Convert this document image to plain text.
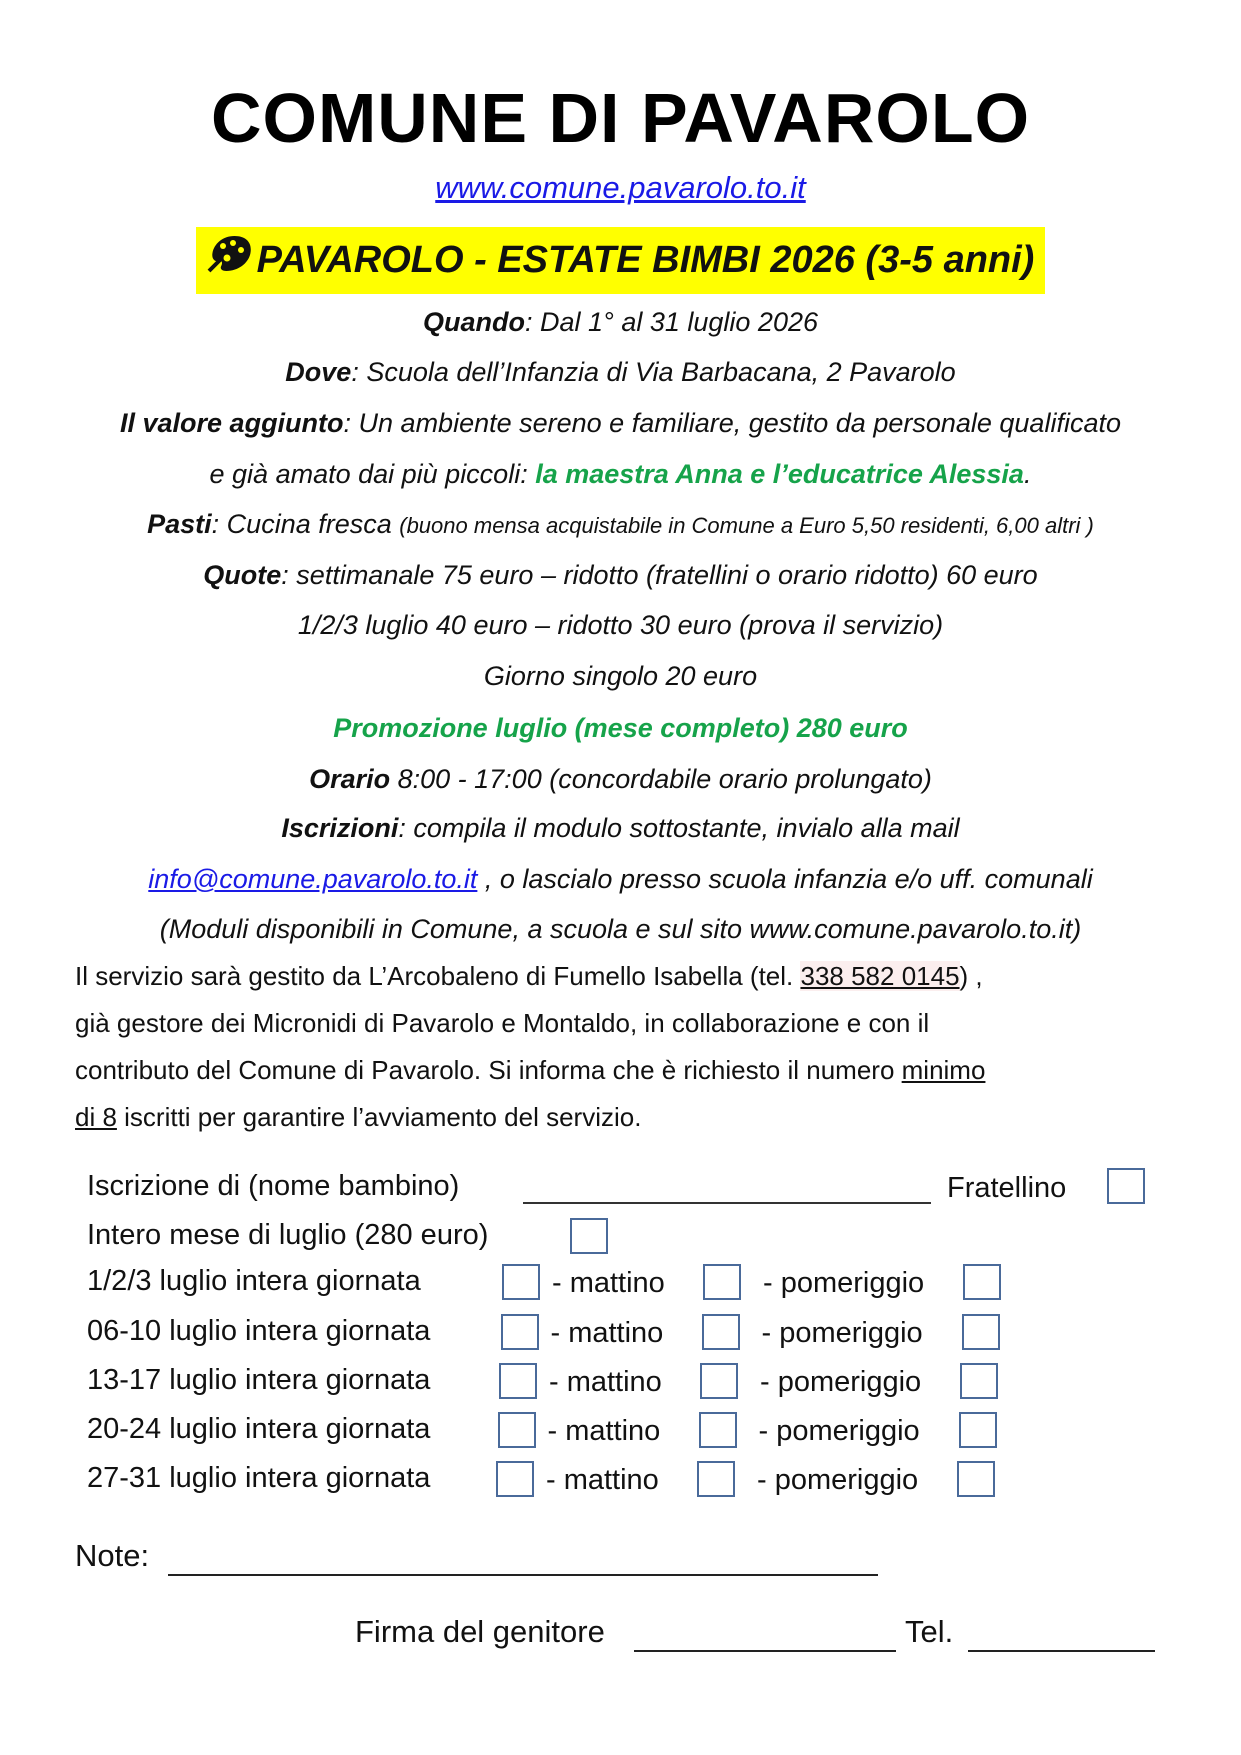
COMUNE DI PAVAROLO
www.comune.pavarolo.to.it
PAVAROLO - ESTATE BIMBI 2026 (3-5 anni)
Quando: Dal 1° al 31 luglio 2026
Dove: Scuola dell’Infanzia di Via Barbacana, 2 Pavarolo
Il valore aggiunto: Un ambiente sereno e familiare, gestito da personale qualificato
e già amato dai più piccoli: la maestra Anna e l’educatrice Alessia.
Pasti: Cucina fresca (buono mensa acquistabile in Comune a Euro 5,50 residenti, 6,00 altri )
Quote: settimanale 75 euro – ridotto (fratellini o orario ridotto) 60 euro
1/2/3 luglio 40 euro – ridotto 30 euro (prova il servizio)
Giorno singolo 20 euro
Promozione luglio (mese completo) 280 euro
Orario 8:00 - 17:00 (concordabile orario prolungato)
Iscrizioni: compila il modulo sottostante, invialo alla mail
info@comune.pavarolo.to.it , o lascialo presso scuola infanzia e/o uff. comunali
(Moduli disponibili in Comune, a scuola e sul sito www.comune.pavarolo.to.it)
Il servizio sarà gestito da L’Arcobaleno di Fumello Isabella (tel. 338 582 0145) ,
già gestore dei Micronidi di Pavarolo e Montaldo, in collaborazione e con il
contributo del Comune di Pavarolo. Si informa che è richiesto il numero minimo
di 8 iscritti per garantire l’avviamento del servizio.
Iscrizione di (nome bambino)	Fratellino
Intero mese di luglio (280 euro)
1/2/3 luglio intera giornata	- mattino	- pomeriggio
06-10 luglio intera giornata	- mattino	- pomeriggio
13-17 luglio intera giornata	- mattino	- pomeriggio
20-24 luglio intera giornata	- mattino	- pomeriggio
27-31 luglio intera giornata	- mattino	- pomeriggio
Note:
Firma del genitore	Tel.
